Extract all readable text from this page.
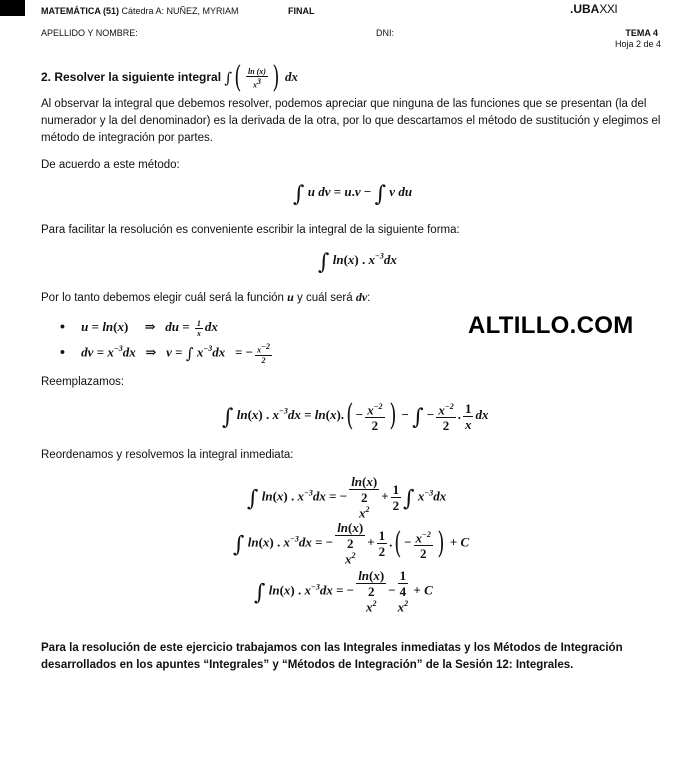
MATEMÁTICA (51) Cátedra A: NUÑEZ, MYRIAM	FINAL	.UBAXXI
APELLIDO Y NOMBRE:	DNI:	TEMA 4
Hoja 2 de 4
2. Resolver la siguiente integral ∫( $\frac{\ln (x)}{x^3}$ ) dx
Al observar la integral que debemos resolver, podemos apreciar que ninguna de las funciones que se presentan (la del numerador y la del denominador) es la derivada de la otra, por lo que descartamos el método de sustitución y elegimos el método de integración por partes.
De acuerdo a este método:
∫ u dv = u.v − ∫ v du
Para facilitar la resolución es conveniente escribir la integral de la siguiente forma:
∫ ln(x) . $x^{-3}dx$
Por lo tanto debemos elegir cuál será la función u y cuál será dv:
•     u = ln(x) ⇒   du = $\frac{1}{x}$ dx
•     dv = $x^{-3}dx$   ⇒   v = ∫ $x^{-3}dx$   = − $\frac{x^{-2}}{2}$
ALTILLO.COM
Reemplazamos:
∫ ln(x) . $x^{-3}dx = \ln(x).( - \frac{x^{-2}}{2}$ ) − ∫ − $\frac{x^{-2}}{2}$ . $\frac{1}{x}$ dx
Reordenamos y resolvemos la integral inmediata:
∫ ln(x) . $x^{-3}dx$ = −
ln(x)
2
$x^2+ \frac{1}{2}$ ∫ $x^{-3}dx$
∫ ln(x) . $x^{-3}dx$ = −
ln(x)
2
$x^2+ \frac{1}{2}$ .( − $\frac{x^{-2}}{2}$ ) + C
∫ ln(x) . $x^{-3}dx$ = −
ln(x)
2
$x^2-$
1
4
$x^2 + C$
Para la resolución de este ejercicio trabajamos con las Integrales inmediatas y los Métodos de Integración desarrollados en los apuntes “Integrales” y “Métodos de Integración” de la Sesión 12: Integrales.
